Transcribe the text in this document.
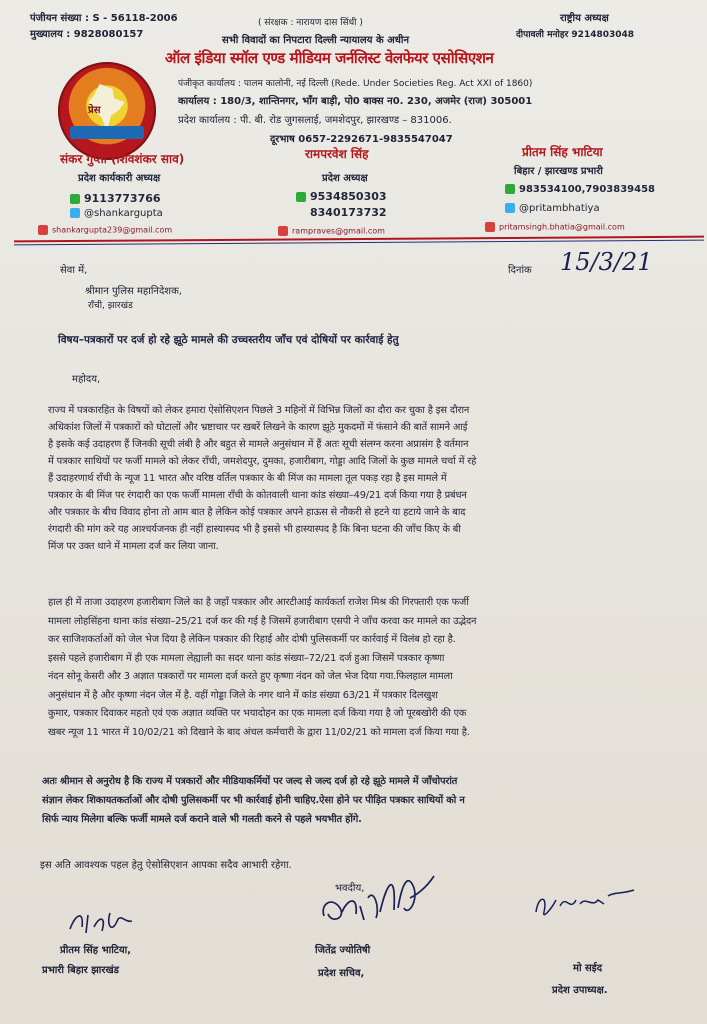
पंजीयन संख्या : S - 56118-2006
मुख्यालय : 9828080157
( संरक्षक : नारायण दास सिंधी )
सभी विवादों का निपटारा दिल्ली न्यायालय के अधीन
राष्ट्रीय अध्यक्ष
दीपावली मनोहर 9214803048
प्रेस
ऑल इंडिया स्मॉल एण्ड मीडियम जर्नलिस्ट वेलफेयर एसोसिएशन
पंजीकृत कार्यालय : पालम कालोनी, नई दिल्ली (Rede. Under Societies Reg. Act XXI of 1860)
कार्यालय : 180/3, शान्तिनगर, भाँग बाड़ी, पो0 बाक्स न0. 230, अजमेर (राज) 305001
प्रदेश कार्यालय : पी. बी. रोड जुगसलाई, जमशेदपुर, झारखण्ड – 831006.
दूरभाष 0657-2292671-9835547047
संकर गुप्ता (शिवशंकर साव)
प्रदेश कार्यकारी अध्यक्ष
9113773766
@shankargupta
shankargupta239@gmail.com
रामपरवेश सिंह
प्रदेश अध्यक्ष
9534850303
8340173732
rampraves@gmail.com
प्रीतम सिंह भाटिया
बिहार / झारखण्ड प्रभारी
983534100,7903839458
@pritambhatiya
pritamsingh.bhatia@gmail.com
सेवा में,
श्रीमान पुलिस महानिदेशक,
राँची, झारखंड
दिनांक 15/3/21
विषय–पत्रकारों पर दर्ज हो रहे झूठे मामले की उच्चस्तरीय जाँच एवं दोषियों पर कार्रवाई हेतु
महोदय,
राज्य में पत्रकारहित के विषयों को लेकर हमारा ऐसोसिएशन पिछले 3 महिनों में विभिन्न जिलों का दौरा कर चुका है इस दौरान
अधिकांश जिलों में पत्रकारों को घोटालों और भ्रष्टाचार पर खबरें लिखने के कारण झूठे मुकदमों में फंसाने की बातें सामने आई
है इसके कई उदाहरण हैं जिनकी सूची लंबी है और बहुत से मामले अनुसंधान में हैं अतः सूची संलग्न करना अप्रासंग है वर्तमान
में पत्रकार साथियों पर फर्जी मामले को लेकर राँची, जमशेदपुर, दुमका, हजारीबाग, गोड्डा आदि जिलों के कुछ मामले चर्चा में रहे
हैं उदाहरणार्थ राँची के न्यूज 11 भारत और वरिष्ठ वर्तिल पत्रकार के बी मिंज का मामला तूल पकड़ रहा है इस मामले में
पत्रकार के बी मिंज पर रंगदारी का एक फर्जी मामला राँची के कोतवाली थाना कांड संख्या–49/21 दर्ज किया गया है प्रबंधन
और पत्रकार के बीच विवाद होना तो आम बात है लेकिन कोई पत्रकार अपने हाऊस से नौकरी से हटने या हटाये जाने के बाद
रंगदारी की मांग करे यह आश्चर्यजनक ही नहीं हास्यास्पद भी है इससे भी हास्यास्पद है कि बिना घटना की जाँच किए के बी
मिंज पर उक्त थाने में मामला दर्ज कर लिया जाना.
हाल ही में ताजा उदाहरण हजारीबाग जिले का है जहाँ पत्रकार और आरटीआई कार्यकर्ता राजेश मिश्र की गिरफ्तारी एक फर्जी
मामला लोहसिंहना थाना कांड संख्या–25/21 दर्ज कर की गई है जिसमें हजारीबाग एसपी ने जाँच करवा कर मामले का उद्भेदन
कर साजिशकर्ताओं को जेल भेज दिया है लेकिन पत्रकार की रिहाई और दोषी पुलिसकर्मी पर कार्रवाई में विलंब हो रहा है.
इससे पहले हजारीबाग में ही एक मामला लेह्याली का सदर थाना कांड संख्या–72/21 दर्ज हुआ जिसमें पत्रकार कृष्णा
नंदन सोनू केसरी और 3 अज्ञात पत्रकारों पर मामला दर्ज करते हुए कृष्णा नंदन को जेल भेज दिया गया.फिलहाल मामला
अनुसंधान में है और कृष्णा नंदन जेल में है. वहीं गोड्डा जिले के नगर थाने में कांड संख्या 63/21 में पत्रकार दिलखुश
कुमार, पत्रकार दिवाकर महतो एवं एक अज्ञात व्यक्ति पर भयादोहन का एक मामला दर्ज किया गया है जो पूरबखोरी की एक
खबर न्यूज 11 भारत में 10/02/21 को दिखाने के बाद अंचल कर्मचारी के द्वारा 11/02/21 को मामला दर्ज किया गया है.
अतः श्रीमान से अनुरोध है कि राज्य में पत्रकारों और मीडियाकर्मियों पर जल्द से जल्द दर्ज हो रहे झूठे मामले में जाँचोपरांत
संज्ञान लेकर शिकायतकर्ताओं और दोषी पुलिसकर्मी पर भी कार्रवाई होनी चाहिए.ऐसा होने पर पीड़ित पत्रकार साथियों को न
सिर्फ न्याय मिलेगा बल्कि फर्जी मामले दर्ज कराने वाले भी गलती करने से पहले भयभीत होंगे.
इस अति आवश्यक पहल हेतु ऐसोसिएशन आपका सदैव आभारी रहेगा.
भवदीय,
प्रीतम सिंह भाटिया,
प्रभारी बिहार झारखंड
जितेंद्र ज्योतिषी
प्रदेश सचिव,	मो सईद
प्रदेश उपाध्यक्ष.
